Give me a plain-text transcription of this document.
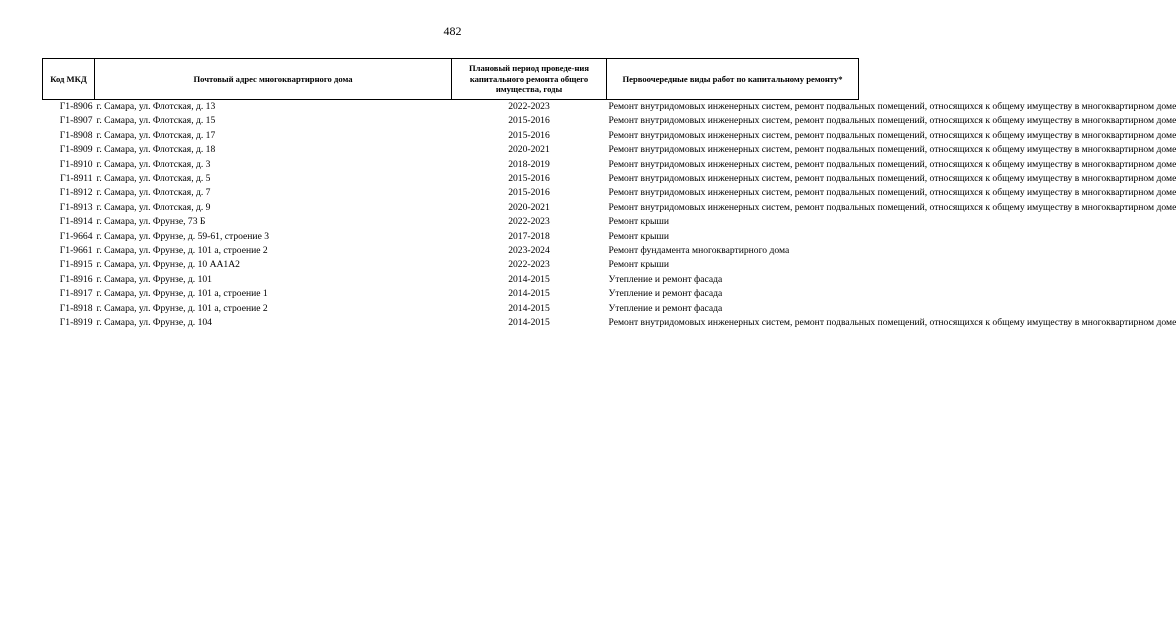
482
Код МКД	Почтовый адрес многоквартирного дома	Плановый период проведе-ния капитального ремонта общего имущества, годы	Первоочередные виды работ по капитальному ремонту*
Г1-8906	г. Самара, ул. Флотская, д. 13	2022-2023	Ремонт внутридомовых инженерных систем, ремонт подвальных помещений, относящихся к общему имуществу в многоквартирном доме
Г1-8907	г. Самара, ул. Флотская, д. 15	2015-2016	Ремонт внутридомовых инженерных систем, ремонт подвальных помещений, относящихся к общему имуществу в многоквартирном доме
Г1-8908	г. Самара, ул. Флотская, д. 17	2015-2016	Ремонт внутридомовых инженерных систем, ремонт подвальных помещений, относящихся к общему имуществу в многоквартирном доме
Г1-8909	г. Самара, ул. Флотская, д. 18	2020-2021	Ремонт внутридомовых инженерных систем, ремонт подвальных помещений, относящихся к общему имуществу в многоквартирном доме
Г1-8910	г. Самара, ул. Флотская, д. 3	2018-2019	Ремонт внутридомовых инженерных систем, ремонт подвальных помещений, относящихся к общему имуществу в многоквартирном доме
Г1-8911	г. Самара, ул. Флотская, д. 5	2015-2016	Ремонт внутридомовых инженерных систем, ремонт подвальных помещений, относящихся к общему имуществу в многоквартирном доме
Г1-8912	г. Самара, ул. Флотская, д. 7	2015-2016	Ремонт внутридомовых инженерных систем, ремонт подвальных помещений, относящихся к общему имуществу в многоквартирном доме
Г1-8913	г. Самара, ул. Флотская, д. 9	2020-2021	Ремонт внутридомовых инженерных систем, ремонт подвальных помещений, относящихся к общему имуществу в многоквартирном доме
Г1-8914	г. Самара, ул. Фрунзе, 73 Б	2022-2023	Ремонт крыши
Г1-9664	г. Самара, ул. Фрунзе, д. 59-61, строение 3	2017-2018	Ремонт крыши
Г1-9661	г. Самара, ул. Фрунзе, д. 101 а, строение 2	2023-2024	Ремонт фундамента многоквартирного дома
Г1-8915	г. Самара, ул. Фрунзе, д. 10 АА1А2	2022-2023	Ремонт крыши
Г1-8916	г. Самара, ул. Фрунзе, д. 101	2014-2015	Утепление и ремонт фасада
Г1-8917	г. Самара, ул. Фрунзе, д. 101 а, строение 1	2014-2015	Утепление и ремонт фасада
Г1-8918	г. Самара, ул. Фрунзе, д. 101 а, строение 2	2014-2015	Утепление и ремонт фасада
Г1-8919	г. Самара, ул. Фрунзе, д. 104	2014-2015	Ремонт внутридомовых инженерных систем, ремонт подвальных помещений, относящихся к общему имуществу в многоквартирном доме
